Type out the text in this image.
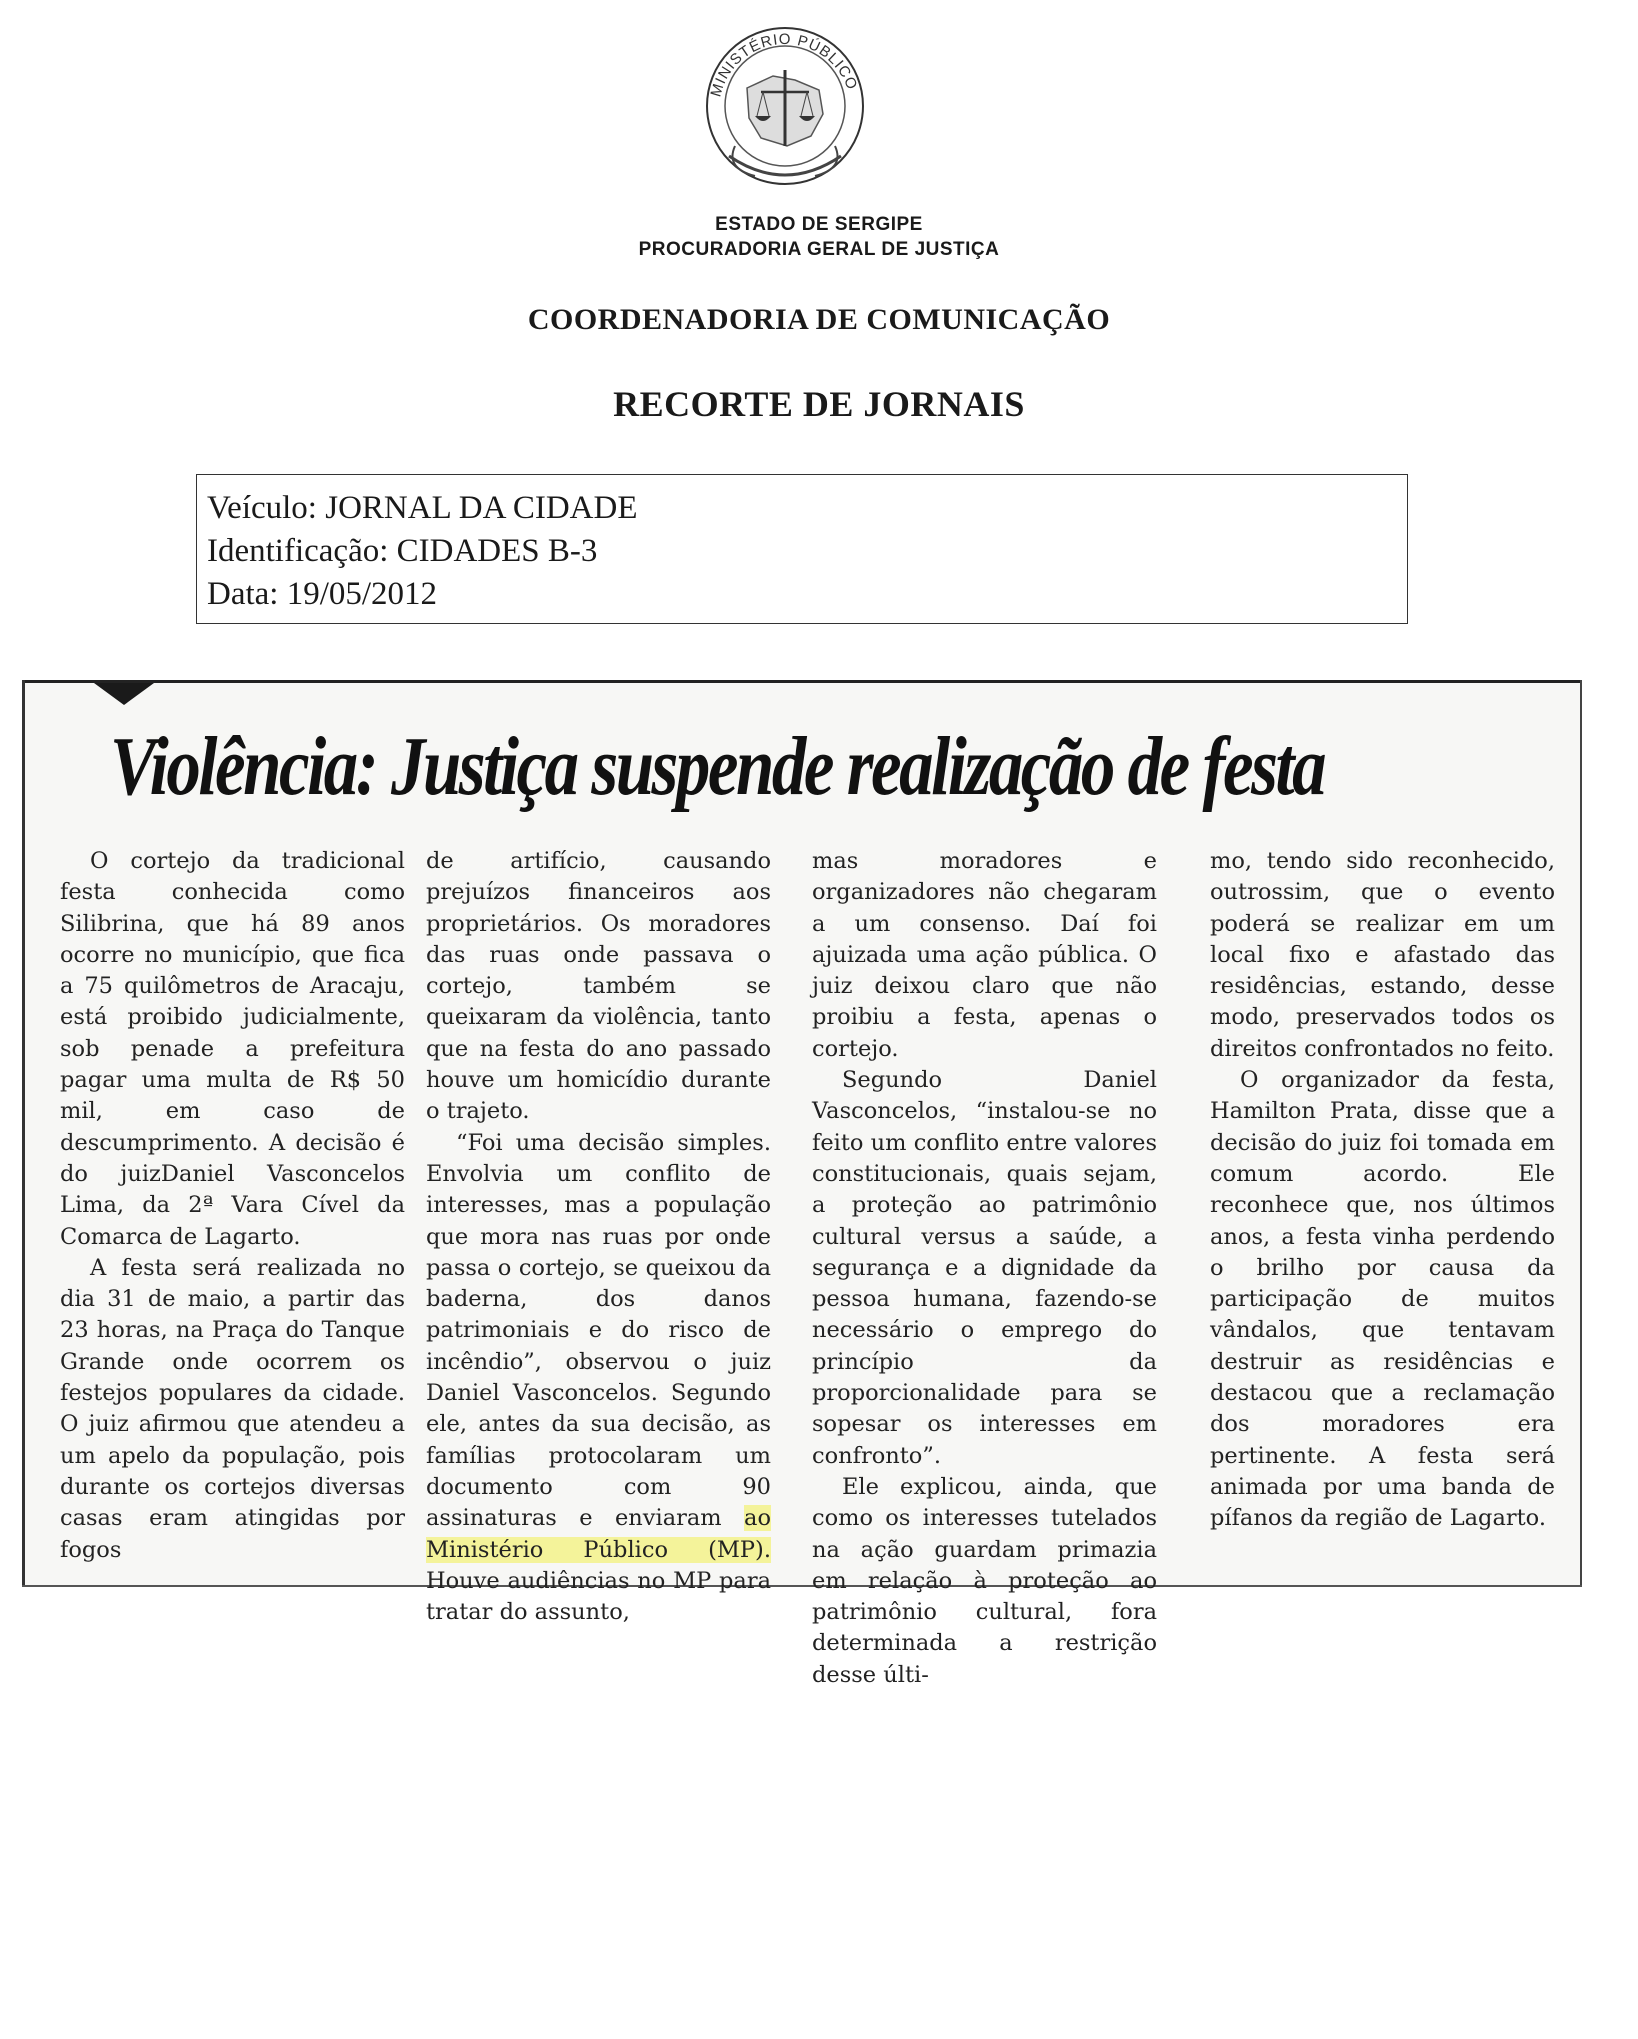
MINISTÉRIO PÚBLICO
ESTADO DE SERGIPE
PROCURADORIA GERAL DE JUSTIÇA
COORDENADORIA DE COMUNICAÇÃO
RECORTE DE JORNAIS
Veículo: JORNAL DA CIDADE
Identificação: CIDADES B-3
Data: 19/05/2012
Violência: Justiça suspende realização de festa

O cortejo da tradicional festa conhecida como Silibrina, que há 89 anos ocorre no município, que fica a 75 quilômetros de Aracaju, está proibido judicialmente, sob penade a prefeitura pagar uma multa de R$ 50 mil, em caso de descumprimento. A decisão é do juizDaniel Vasconcelos Lima, da 2ª Vara Cível da Comarca de Lagarto.

A festa será realizada no dia 31 de maio, a partir das 23 horas, na Praça do Tanque Grande onde ocorrem os festejos populares da cidade. O juiz afirmou que atendeu a um apelo da população, pois durante os cortejos diversas casas eram atingidas por fogos

de artifício, causando prejuízos financeiros aos proprietários. Os moradores das ruas onde passava o cortejo, também se queixaram da violência, tanto que na festa do ano passado houve um homicídio durante o trajeto.

“Foi uma decisão simples. Envolvia um conflito de interesses, mas a população que mora nas ruas por onde passa o cortejo, se queixou da baderna, dos danos patrimoniais e do risco de incêndio”, observou o juiz Daniel Vasconcelos. Segundo ele, antes da sua decisão, as famílias protocolaram um documento com 90 assinaturas e enviaram ao Ministério Público (MP). Houve audiências no MP para tratar do assunto,

mas moradores e organizadores não chegaram a um consenso. Daí foi ajuizada uma ação pública. O juiz deixou claro que não proibiu a festa, apenas o cortejo.

Segundo Daniel Vasconcelos, “instalou-se no feito um conflito entre valores constitucionais, quais sejam, a proteção ao patrimônio cultural versus a saúde, a segurança e a dignidade da pessoa humana, fazendo-se necessário o emprego do princípio da proporcionalidade para se sopesar os interesses em confronto”.

Ele explicou, ainda, que como os interesses tutelados na ação guardam primazia em relação à proteção ao patrimônio cultural, fora determinada a restrição desse últi-

mo, tendo sido reconhecido, outrossim, que o evento poderá se realizar em um local fixo e afastado das residências, estando, desse modo, preservados todos os direitos confrontados no feito.

O organizador da festa, Hamilton Prata, disse que a decisão do juiz foi tomada em comum acordo. Ele reconhece que, nos últimos anos, a festa vinha perdendo o brilho por causa da participação de muitos vândalos, que tentavam destruir as residências e destacou que a reclamação dos moradores era pertinente. A festa será animada por uma banda de pífanos da região de Lagarto.
